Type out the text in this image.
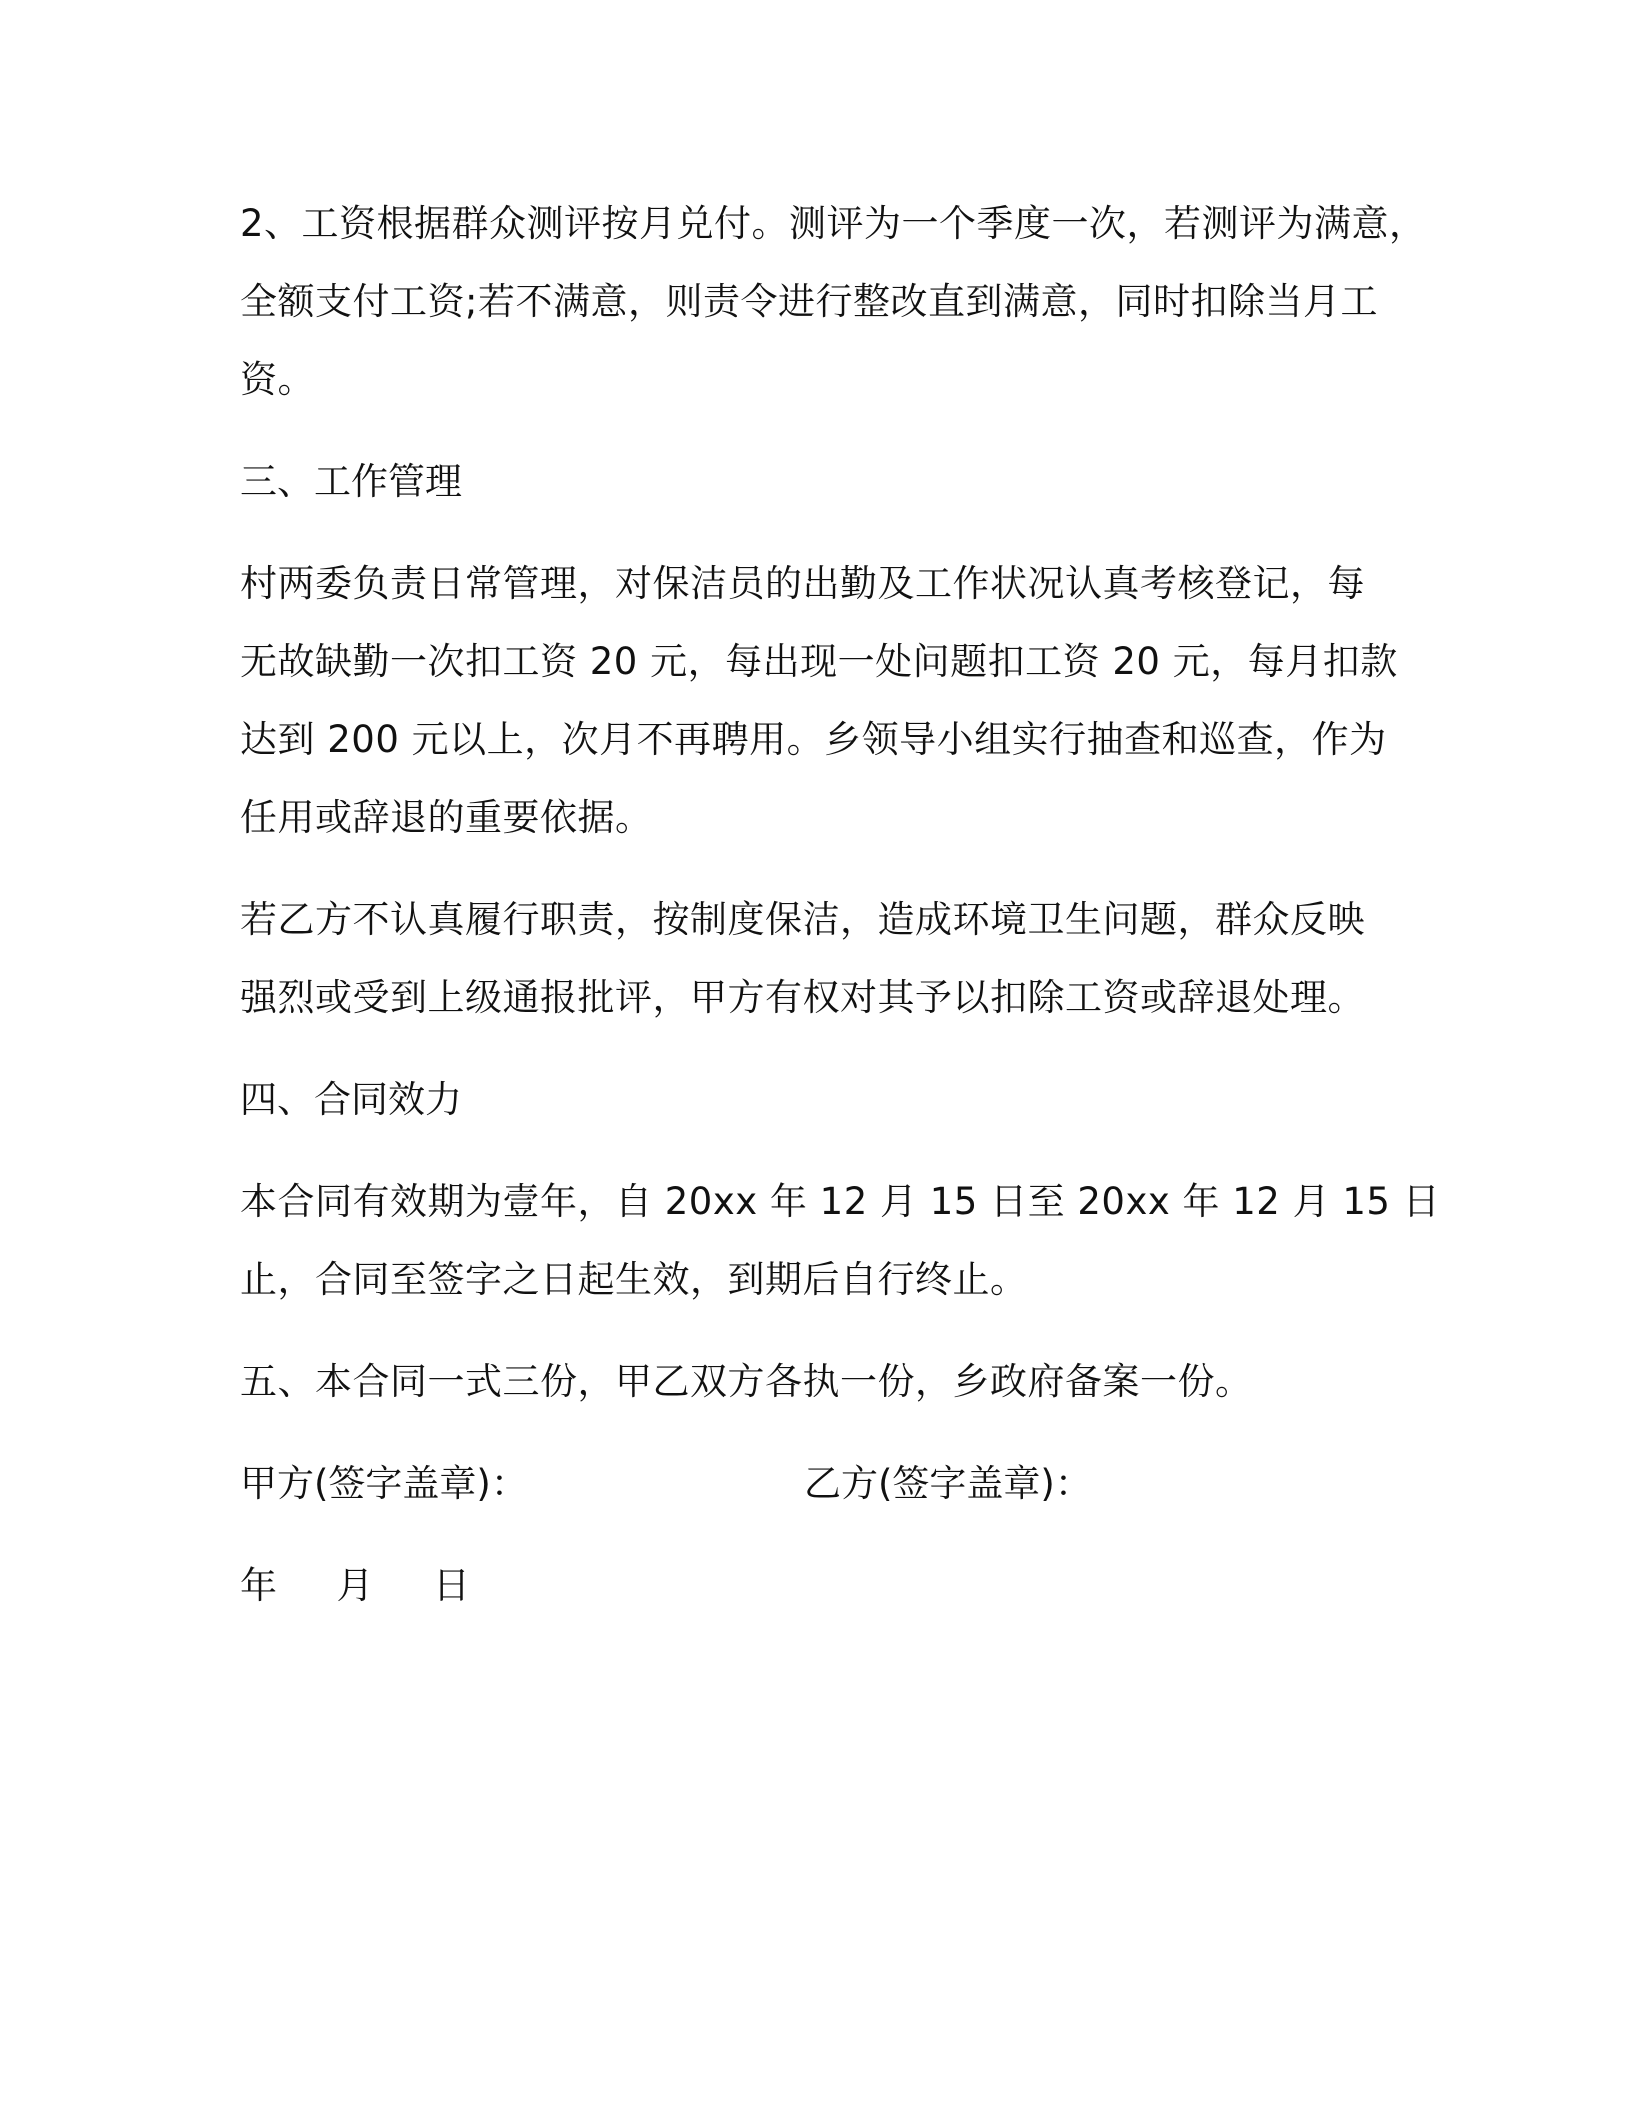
2、工资根据群众测评按月兑付。测评为一个季度一次，若测评为满意，
全额支付工资;若不满意，则责令进行整改直到满意，同时扣除当月工
资。
三、工作管理
村两委负责日常管理，对保洁员的出勤及工作状况认真考核登记，每
无故缺勤一次扣工资 20 元，每出现一处问题扣工资 20 元，每月扣款
达到 200 元以上，次月不再聘用。乡领导小组实行抽查和巡查，作为
任用或辞退的重要依据。
若乙方不认真履行职责，按制度保洁，造成环境卫生问题，群众反映
强烈或受到上级通报批评，甲方有权对其予以扣除工资或辞退处理。
四、合同效力
本合同有效期为壹年，自 20xx 年 12 月 15 日至 20xx 年 12 月 15 日
止，合同至签字之日起生效，到期后自行终止。
五、本合同一式三份，甲乙双方各执一份，乡政府备案一份。
甲方(签字盖章)：	乙方(签字盖章)：
年  月  日
